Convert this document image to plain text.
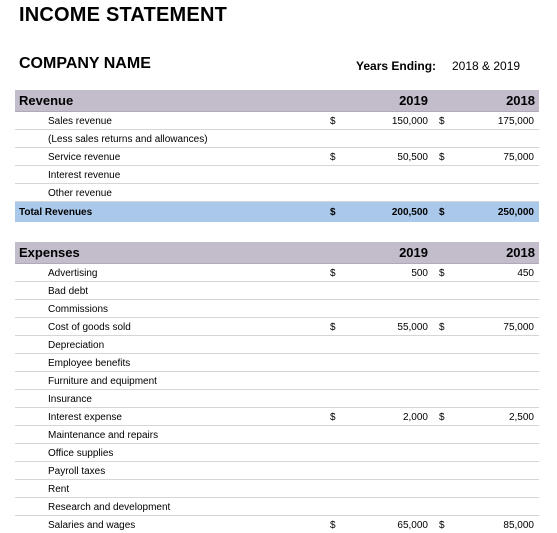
INCOME STATEMENT
COMPANY NAME	Years Ending: 2018 & 2019
Revenue	2019	2018
Sales revenue	$	150,000 $	175,000
(Less sales returns and allowances)
Service revenue	$	50,500 $	75,000
Interest revenue
Other revenue
Total Revenues	$	200,500 $	250,000
Expenses	2019	2018
Advertising	$	500 $	450
Bad debt
Commissions
Cost of goods sold	$	55,000 $	75,000
Depreciation
Employee benefits
Furniture and equipment
Insurance
Interest expense	$	2,000 $	2,500
Maintenance and repairs
Office supplies
Payroll taxes
Rent
Research and development
Salaries and wages	$	65,000 $	85,000
